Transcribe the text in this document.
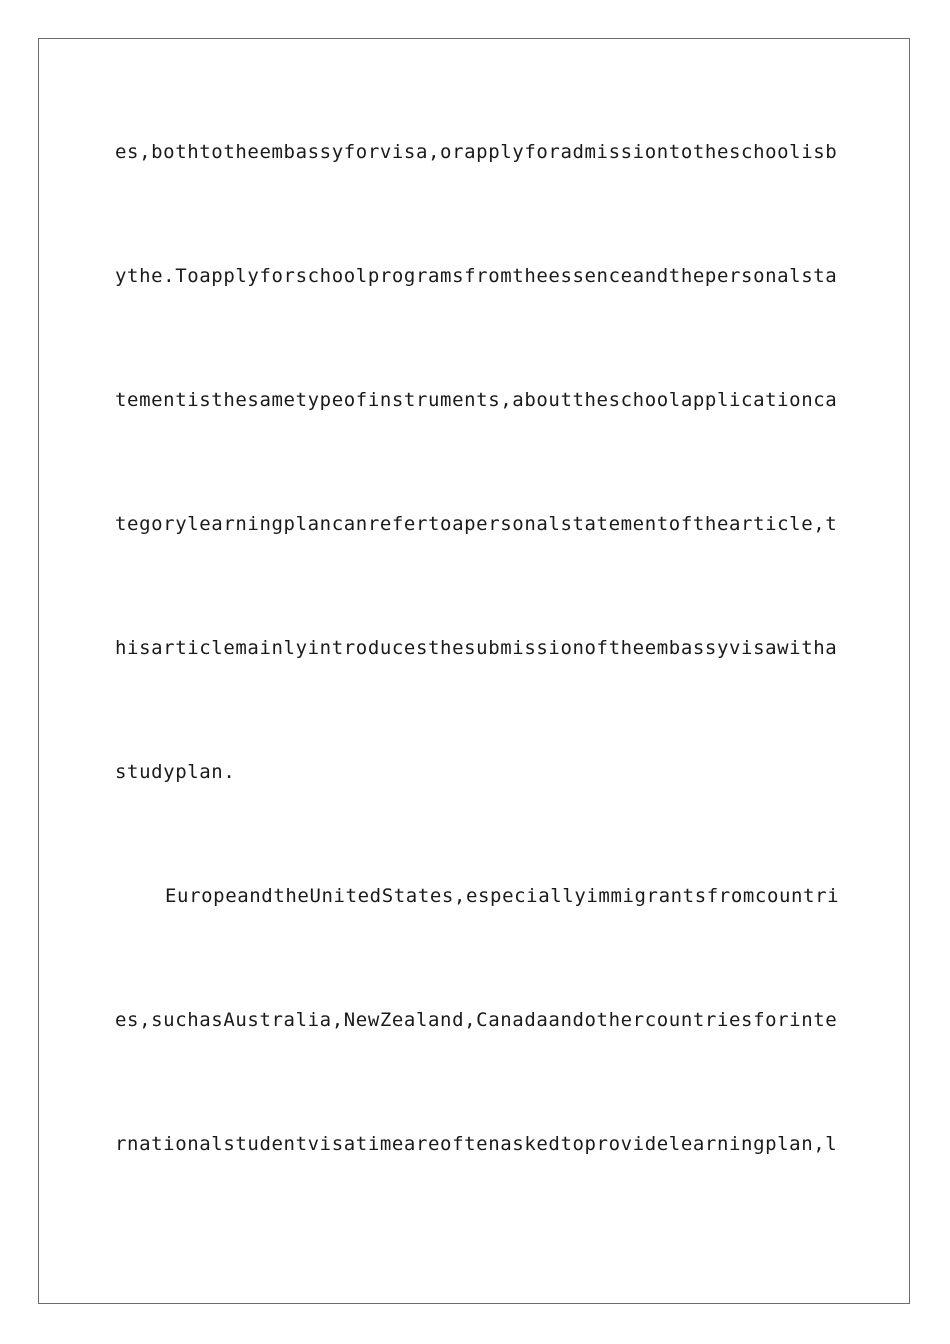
es,bothtotheembassyforvisa,orapplyforadmissiontotheschoolisb
ythe.Toapplyforschoolprogramsfromtheessenceandthepersonalsta
tementisthesametypeofinstruments,abouttheschoolapplicationca
tegorylearningplancanrefertoapersonalstatementofthearticle,t
hisarticlemainlyintroducesthesubmissionoftheembassyvisawitha
studyplan.
EuropeandtheUnitedStates,especiallyimmigrantsfromcountri
es,suchasAustralia,NewZealand,Canadaandothercountriesforinte
rnationalstudentvisatimeareoftenaskedtoprovidelearningplan,l
